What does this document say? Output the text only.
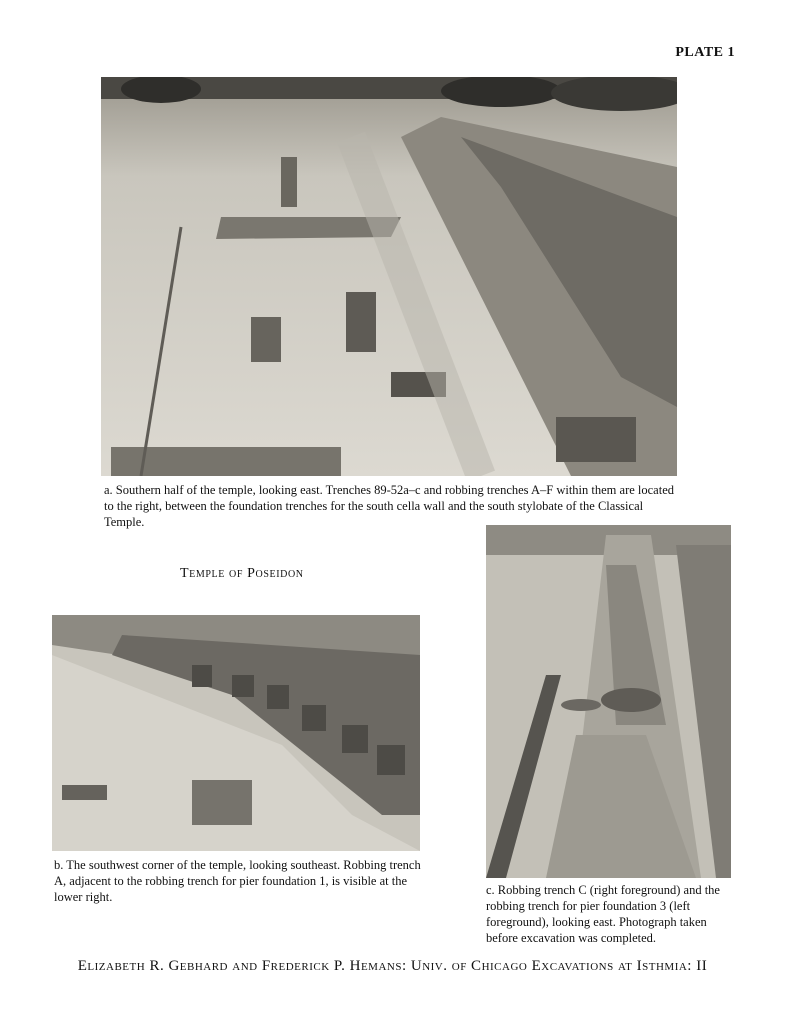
PLATE 1
a. Southern half of the temple, looking east. Trenches 89-52a–c and robbing trenches A–F within them are located to the right, between the foundation trenches for the south cella wall and the south stylobate of the Classical Temple.
Temple of Poseidon
b. The southwest corner of the temple, looking southeast. Robbing trench A, adjacent to the robbing trench for pier foundation 1, is visible at the lower right.	c. Robbing trench C (right foreground) and the robbing trench for pier foundation 3 (left foreground), looking east. Photograph taken before excavation was completed.
Elizabeth R. Gebhard and Frederick P. Hemans: Univ. of Chicago Excavations at Isthmia: II
